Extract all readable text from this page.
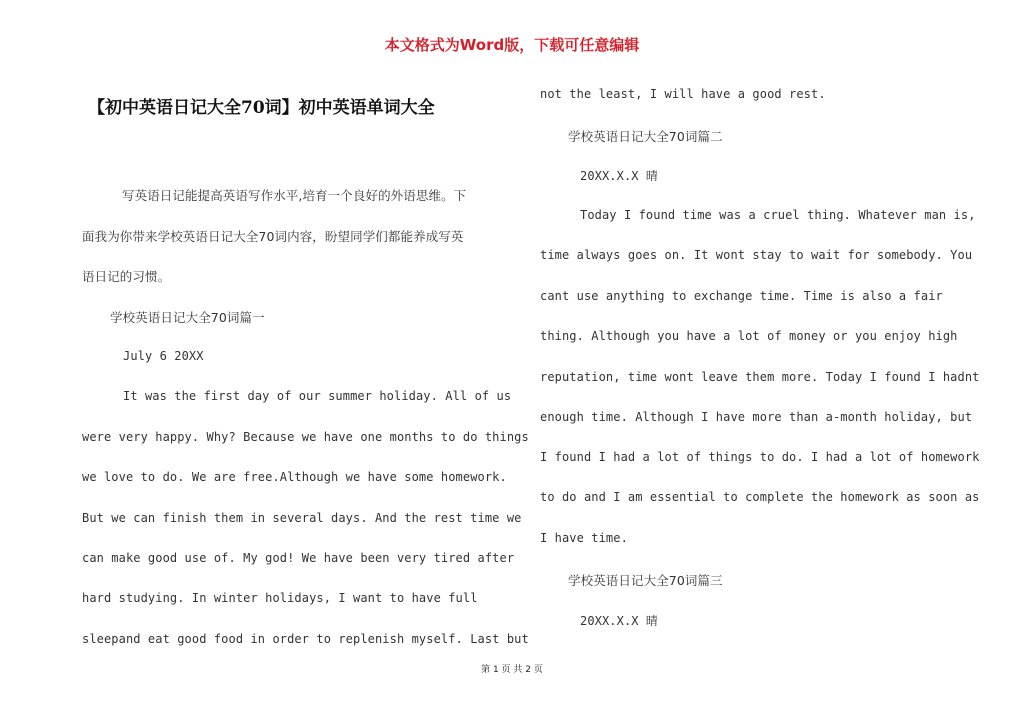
本文格式为Word版，下载可任意编辑
【初中英语日记大全70词】初中英语单词大全
写英语日记能提高英语写作水平,培育一个良好的外语思维。下
面我为你带来学校英语日记大全70词内容，盼望同学们都能养成写英
语日记的习惯。
学校英语日记大全70词篇一
July 6 20XX
It was the first day of our summer holiday. All of us
were very happy. Why? Because we have one months to do things
we love to do. We are free.Although we have some homework.
But we can finish them in several days. And the rest time we
can make good use of. My god! We have been very tired after
hard studying. In winter holidays, I want to have full
sleepand eat good food in order to replenish myself. Last but
not the least, I will have a good rest.
学校英语日记大全70词篇二
20XX.X.X 晴
Today I found time was a cruel thing. Whatever man is,
time always goes on. It wont stay to wait for somebody. You
cant use anything to exchange time. Time is also a fair
thing. Although you have a lot of money or you enjoy high
reputation, time wont leave them more. Today I found I hadnt
enough time. Although I have more than a-month holiday, but
I found I had a lot of things to do. I had a lot of homework
to do and I am essential to complete the homework as soon as
I have time.
学校英语日记大全70词篇三
20XX.X.X 晴
第 1 页 共 2 页
